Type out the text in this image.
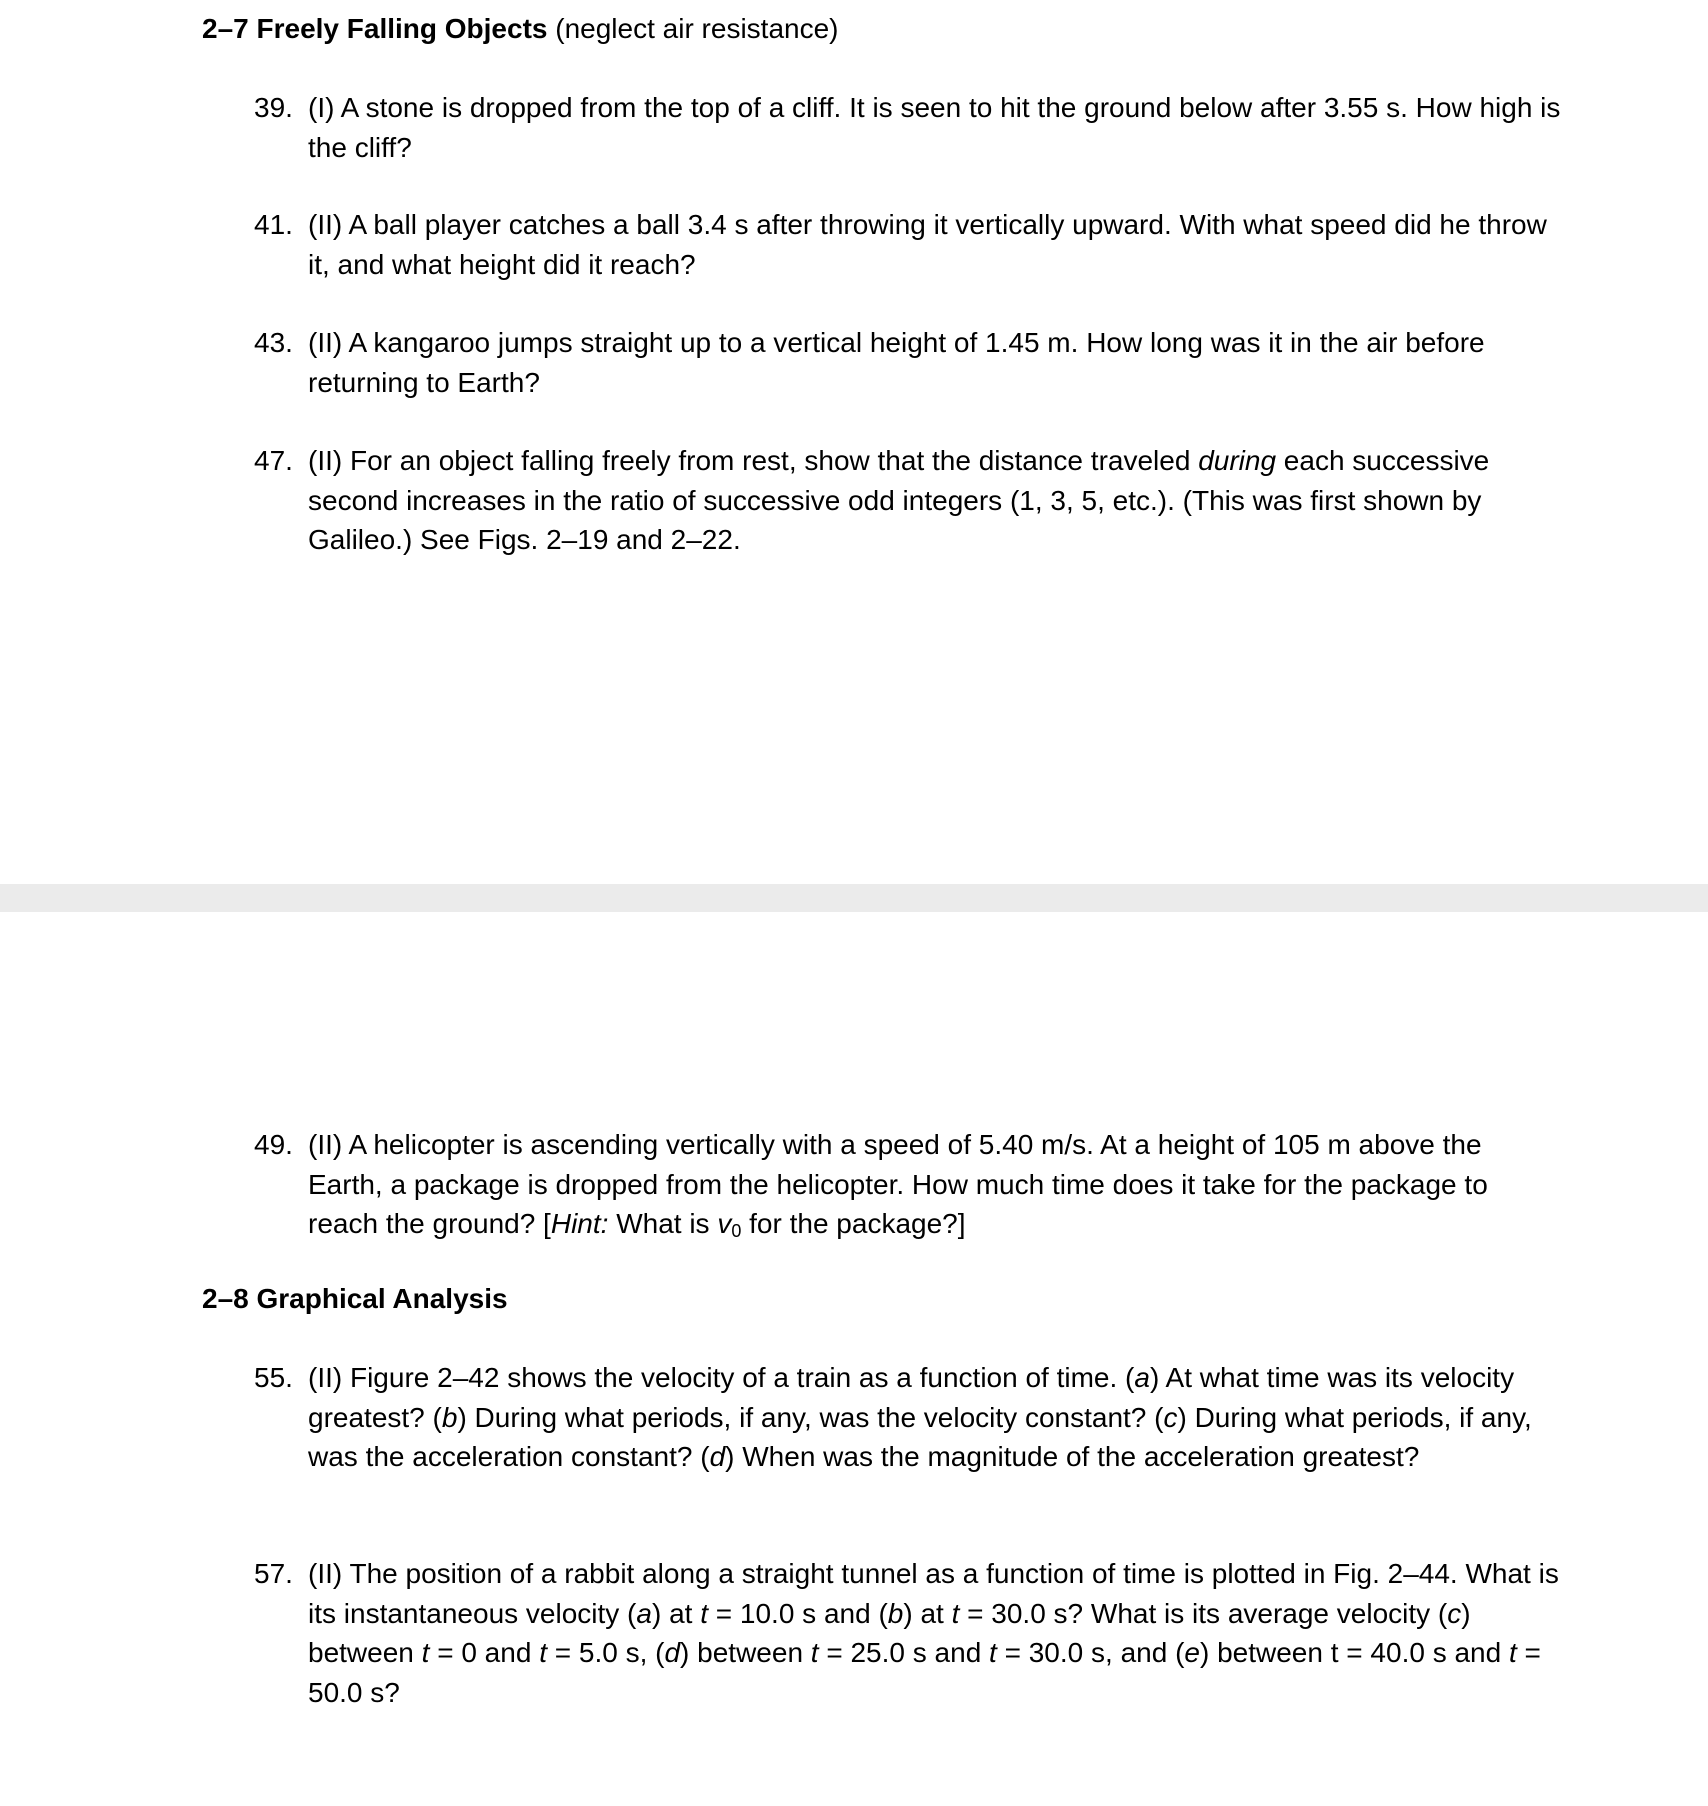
2–7 Freely Falling Objects (neglect air resistance)
39. (I) A stone is dropped from the top of a cliff. It is seen to hit the ground below after 3.55 s. How high is the cliff?
41. (II) A ball player catches a ball 3.4 s after throwing it vertically upward. With what speed did he throw it, and what height did it reach?
43. (II) A kangaroo jumps straight up to a vertical height of 1.45 m. How long was it in the air before returning to Earth?
47. (II) For an object falling freely from rest, show that the distance traveled during each successive second increases in the ratio of successive odd integers (1, 3, 5, etc.). (This was first shown by Galileo.) See Figs. 2–19 and 2–22.
49. (II) A helicopter is ascending vertically with a speed of 5.40 m/s. At a height of 105 m above the Earth, a package is dropped from the helicopter. How much time does it take for the package to reach the ground? [Hint: What is $v_0$ for the package?]
2–8 Graphical Analysis
55. (II) Figure 2–42 shows the velocity of a train as a function of time. (a) At what time was its velocity greatest? (b) During what periods, if any, was the velocity constant? (c) During what periods, if any, was the acceleration constant? (d) When was the magnitude of the acceleration greatest?
57. (II) The position of a rabbit along a straight tunnel as a function of time is plotted in Fig. 2–44. What is its instantaneous velocity (a) at t = 10.0 s and (b) at t = 30.0 s? What is its average velocity (c) between t = 0 and t = 5.0 s, (d) between t = 25.0 s and t = 30.0 s, and (e) between t = 40.0 s and t = 50.0 s?
